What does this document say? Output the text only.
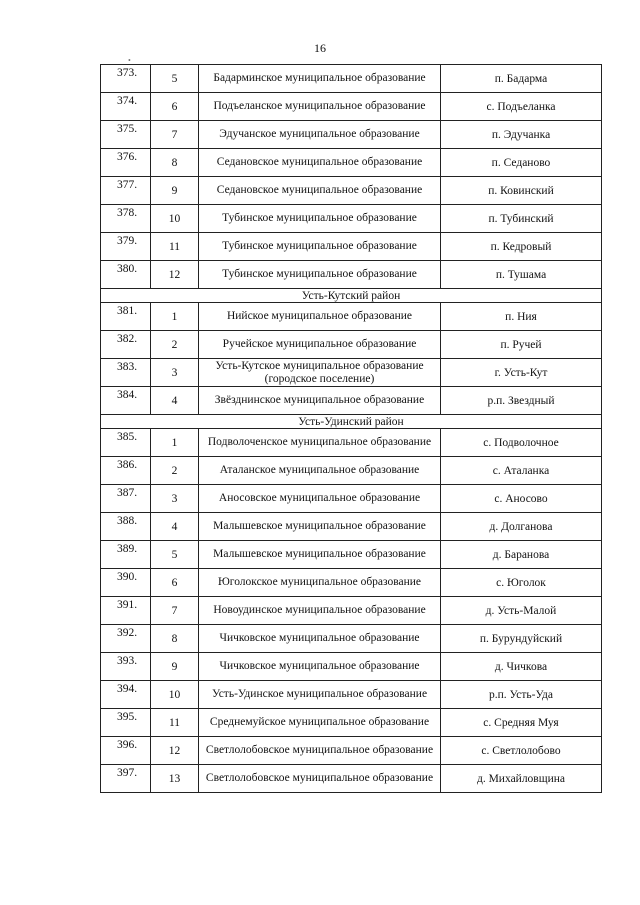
16
•
373.	5	Бадарминское муниципальное образование	п. Бадарма
374.	6	Подъеланское муниципальное образование	с. Подъеланка
375.	7	Эдучанское муниципальное образование	п. Эдучанка
376.	8	Седановское муниципальное образование	п. Седаново
377.	9	Седановское муниципальное образование	п. Ковинский
378.	10	Тубинское муниципальное образование	п. Тубинский
379.	11	Тубинское муниципальное образование	п. Кедровый
380.	12	Тубинское муниципальное образование	п. Тушама
Усть-Кутский район			
381.	1	Нийское муниципальное образование	п. Ния
382.	2	Ручейское муниципальное образование	п. Ручей
383.	3	Усть-Кутское муниципальное образование (городское поселение)	г. Усть-Кут
384.	4	Звёзднинское муниципальное образование	р.п. Звездный
Усть-Удинский район			
385.	1	Подволоченское муниципальное образование	с. Подволочное
386.	2	Аталанское муниципальное образование	с. Аталанка
387.	3	Аносовское муниципальное образование	с. Аносово
388.	4	Малышевское муниципальное образование	д. Долганова
389.	5	Малышевское муниципальное образование	д. Баранова
390.	6	Юголокское муниципальное образование	с. Юголок
391.	7	Новоудинское муниципальное образование	д. Усть-Малой
392.	8	Чичковское муниципальное образование	п. Бурундуйский
393.	9	Чичковское муниципальное образование	д. Чичкова
394.	10	Усть-Удинское муниципальное образование	р.п. Усть-Уда
395.	11	Среднемуйское муниципальное образование	с. Средняя Муя
396.	12	Светлолобовское муниципальное образование	с. Светлолобово
397.	13	Светлолобовское муниципальное образование	д. Михайловщина
